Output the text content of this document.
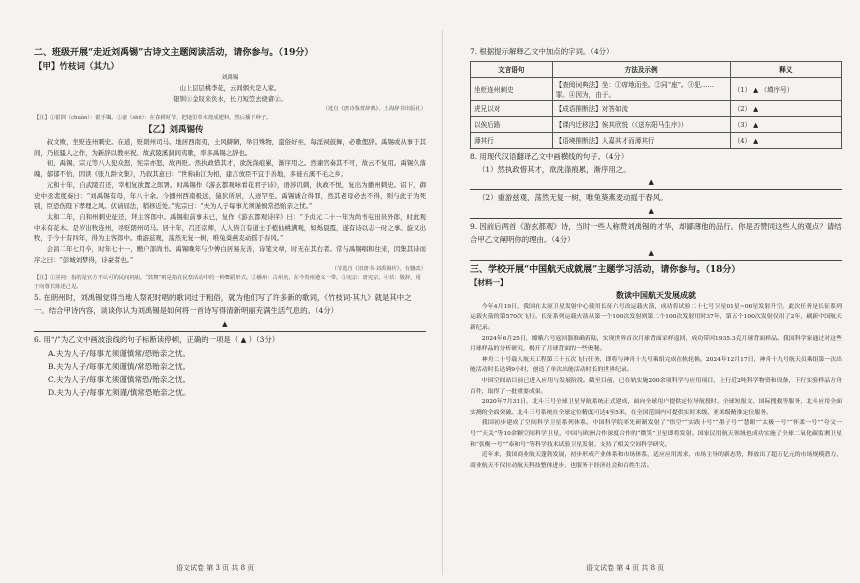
二、班级开展“走近刘禹锡”古诗文主题阅读活动，请你参与。（19分）

【甲】竹枝词（其九）

刘禹锡

山上层层桃李花，云间烟火是人家。

银钏①金钗来负水，长刀短笠去烧畲②。

（选自《唐诗鉴赏辞典》，上海辞书出版社）

【注】①银钏（chuàn）：银手镯。②畲（shē）：在春耕时节，把地里草木烧成肥料，然后播下种子。

【乙】刘禹锡传

叔文败，坐贬连州刺史。在道，贬朗州司马。地居西南夷，土风僻陋，举目殊物，蛮俗好巫，每淫祠鼓舞，必歌俚辞。禹锡或从事于其间，乃依骚人之作，为新辞以教巫祝。故武陵溪洞间夷歌，率多禹锡之辞也。

初，禹锡、宗元等八人犯众怒，宪宗亦怒，故再贬。然执政惜其才，欲洗涤痕累，渐序用之。然谏官奏其不可，故云不复用。禹锡久落魄，郁郁不怡，因读《张九龄文集》，乃叙其意曰：“世称曲江为相，建言放臣不宜于善地，多徙五溪不毛之乡。

元和十年，自武陵召还，宰相复欲置之郎署。时禹锡作《游玄都观咏看花君子诗》，语涉讥刺，执政不悦，复出为播州刺史。诏下，御史中丞裴度奏曰：“刘禹锡有母，年八十余。今播州西南极远，猿狖所居，人迹罕至。禹锡诚合得罪，然其老母必去不得，则与此子为死别，臣恐伤陛下孝理之风。伏请屈法，稍移近处。”宪宗曰：“夫为人子每事尤须谨慎常恐贻亲之忧。”

太和二年，自和州刺史征还，拜主客郎中。禹锡衔前事未已，复作《游玄都观诗序》曰：“予贞元二十一年为尚书屯田员外郎，时此观中未有花木。是岁出牧连州，寻贬朗州司马。居十年，召还京师，人人皆言有道士手植仙桃满观，如烁晨霞，遂有诗以志一时之事。旋又出牧，于今十有四年，得为主客郎中。重游兹观，荡然无复一树，唯兔葵燕麦动摇于春风。”

会昌二年七月卒，时年七十一，赠户部尚书。禹锡晚年与少傅白居易友善，诗笔文章，时无在其右者。常与禹锡唱和往来，因集其诗而序之曰：“彭城刘梦得，诗豪者也。”

（节选自《旧唐书·刘禹锡传》，有删改）

【注】①淫祠：指的是官方不认可的民间祠庙。“鼓舞”则是指在民祭活动中的一种舞蹈形式。②播州：古州名，在今贵州遵义一带。③宪宗：唐宪宗。④伏：敬辞，用于向尊长陈述己见。

5. 在朗州时，刘禹锡觉得当地人祭祀时唱的歌词过于粗俗，就为他们写了许多新的歌词，《竹枝词·其九》就是其中之一。结合甲诗内容，谈谈你认为刘禹锡是如何将一首诗写得清新明丽充满生活气息的。（4分）

▲

6. 用“/”为乙文中画波浪线的句子标断读停顿，正确的一项是（ ▲ ）（3分）

A.夫为人子/每事尤须谨慎常/恐贻亲之忧。

B.夫为人子/每事尤须谨慎/常恐贻亲之忧。

C.夫为人子/每事尤须谨慎常恐/贻亲之忧。

D.夫为人子/每事尤须谨/慎常恐贻亲之忧。

语文试卷 第 3 页 共 8 页

7. 根据提示解释乙文中加点的字词。（4分）

文言语句	方法及示例	释义
坐贬连州刺史	【查阅词典法】坐：①席地而坐。②同“座”。③犯……罪。④因为，由于。	（1） ▲ （填序号）
虎兄以对	【成语推断法】对答如流	（2） ▲
以俟后路	【课内迁移法】俟其欣悦（《送东阳马生序》）	（3） ▲
薄其行	【语境推断法】人嘉其才而薄其行	（4） ▲

8. 用现代汉语翻译乙文中画横线的句子。（4分）

（1）然执政惜其才，欲洗涤痕累，渐序用之。

▲

（2）重游兹观，荡然无复一树，唯兔葵燕麦动摇于春风。

▲

9. 因前后两首《游玄都观》诗，当时一些人称赞刘禹锡的才华，却鄙薄他的品行。你是否赞同这些人的观点？请结合甲乙文阐明你的理由。（4分）

▲

三、学校开展“中国航天成就展”主题学习活动，请你参与。（18分）

【材料一】

数读中国航天发展成就

今年4月19日，我国在太原卫星发射中心使用长征六号改运载火箭，成功将试验二十七号卫星01星~06星发射升空。此次任务是长征系列运载火箭的第570次飞行。长征系列运载火箭从第一个100次发射到第二个100次发射用时37年，第五个100次发射仅用了2年，刷新中国航天新纪录。

2024年6月25日，嫦娥六号返回器准确着陆，实现世界首次月球背面采样返回，成功带回1935.3克月球背面样品。我国科学家通过对这些月球样品的分析研究，揭开了月球背面的一些奥秘。

神舟二十号载人航天工程第三十五次飞行任务，即将与神舟十九号乘组完成在轨轮换。2024年12月17日，神舟十九号航天员乘组第一次出舱活动时长达到9小时，创造了单次出舱活动时长的世界纪录。

中国空间站目前已进入应用与发展阶段。截至目前，已在轨实施200余项科学与应用项目，上行近2吨科学物资和设备，下行实验样品方舟百件，取得了一批重要成果。

2020年7月31日，北斗三号全球卫星导航系统正式建成，面向全球用户提供定位导航授时、全球短报文、国际搜救等服务，北斗应用全面实测的全面突破。北斗三号系统在全球定位精度可达4至5米，在全国范围内可提供实时米级、亚米级精准定位服务。

我国初步建成了空间科学卫星系列体系。中国科学院率先研制发射了“悟空”“实践十号”“墨子号”“慧眼”“太极一号”“怀柔一号”“夸父一号”“天关”等10余颗空间科学卫星，中国与欧洲合作深度合作的“微笑”卫星即将发射。国家民用航天领域也成功实施了全球二氧化碳监测卫星和“张衡一号”“泰和号”等科学技术试验卫星发射，支持了相关空间科学研究。

近年来，我国商业航天蓬勃发展，初步形成产业体系和市场体系，适应应用需求，市场主导的新态势，释放出了超万亿元的市场规模潜力，商业航天不仅拉动航天科技整体进步，也服务于经济社会和百姓生活。

语文试卷 第 4 页 共 8 页
